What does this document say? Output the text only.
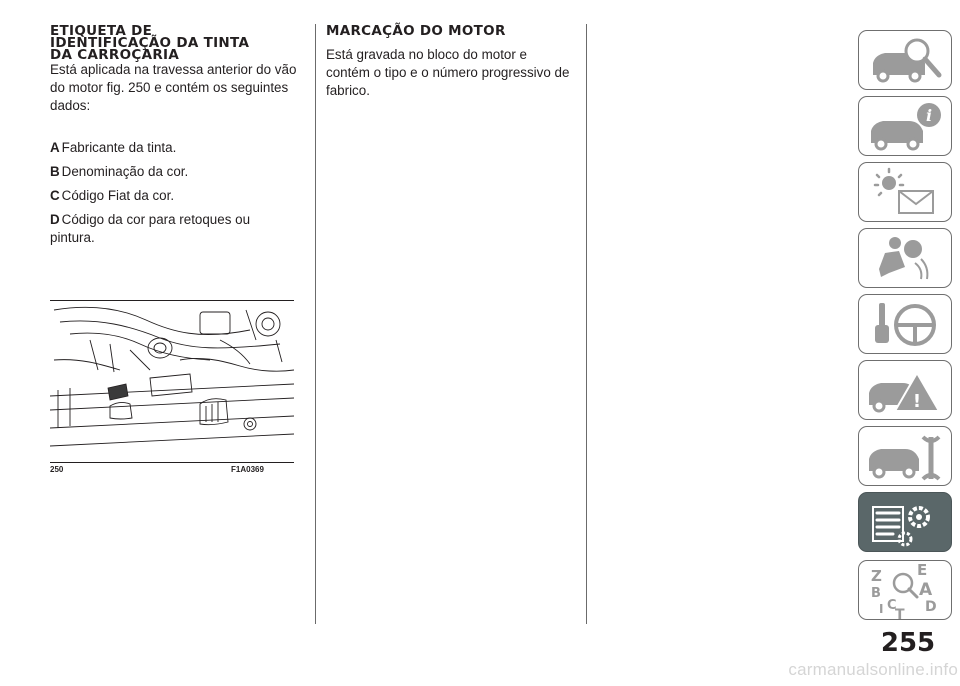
ETIQUETA DE
IDENTIFICAÇÃO DA TINTA
DA CARROÇARIA

Está aplicada na travessa anterior do vão
do motor fig. 250 e contém os seguintes
dados:

A Fabricante da tinta.

B Denominação da cor.

C Código Fiat da cor.

D Código da cor para retoques ou
pintura.

250	F1A0369
MARCAÇÃO DO MOTOR

Está gravada no bloco do motor e
contém o tipo e o número progressivo de
fabrico.

i
!
Z E
A
B
C D
T
I
255
carmanualsonline.info
